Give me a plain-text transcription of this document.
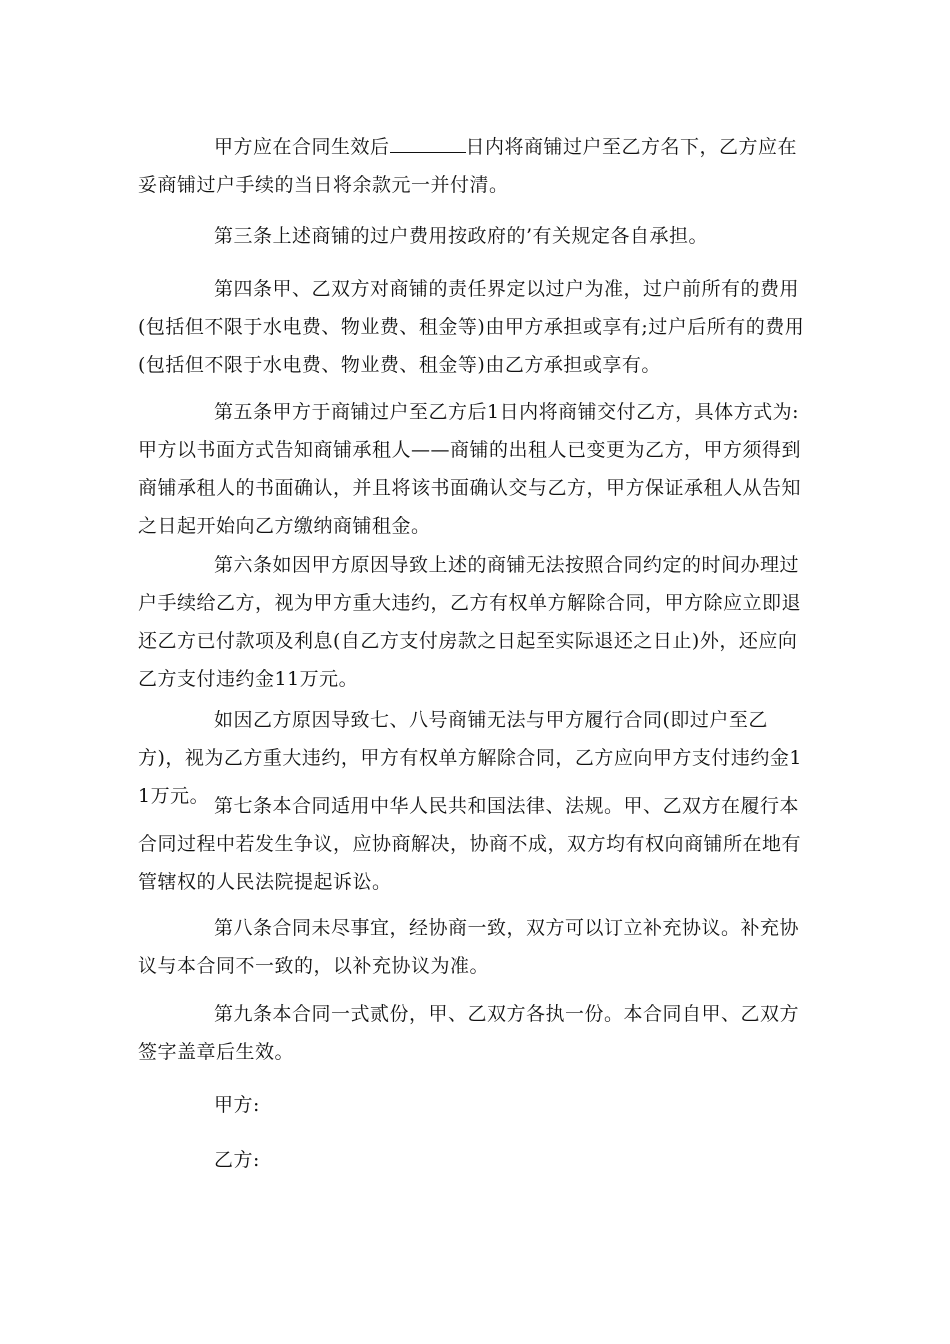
甲方应在合同生效后	日内将商铺过户至乙方名下，乙方应在妥商铺过户手续的当日将余款元一并付清。

第三条上述商铺的过户费用按政府的’有关规定各自承担。

第四条甲、乙双方对商铺的责任界定以过户为准，过户前所有的费用(包括但不限于水电费、物业费、租金等)由甲方承担或享有;过户后所有的费用(包括但不限于水电费、物业费、租金等)由乙方承担或享有。

第五条甲方于商铺过户至乙方后1日内将商铺交付乙方，具体方式为:甲方以书面方式告知商铺承租人——商铺的出租人已变更为乙方，甲方须得到商铺承租人的书面确认，并且将该书面确认交与乙方，甲方保证承租人从告知之日起开始向乙方缴纳商铺租金。

第六条如因甲方原因导致上述的商铺无法按照合同约定的时间办理过户手续给乙方，视为甲方重大违约，乙方有权单方解除合同，甲方除应立即退还乙方已付款项及利息(自乙方支付房款之日起至实际退还之日止)外，还应向乙方支付违约金11万元。

如因乙方原因导致七、八号商铺无法与甲方履行合同(即过户至乙方)，视为乙方重大违约，甲方有权单方解除合同，乙方应向甲方支付违约金11万元。 第七条本合同适用中华人民共和国法律、法规。甲、乙双方在履行本合同过程中若发生争议，应协商解决，协商不成，双方均有权向商铺所在地有管辖权的人民法院提起诉讼。

第八条合同未尽事宜，经协商一致，双方可以订立补充协议。补充协议与本合同不一致的，以补充协议为准。

第九条本合同一式贰份，甲、乙双方各执一份。本合同自甲、乙双方签字盖章后生效。

甲方:

乙方:
